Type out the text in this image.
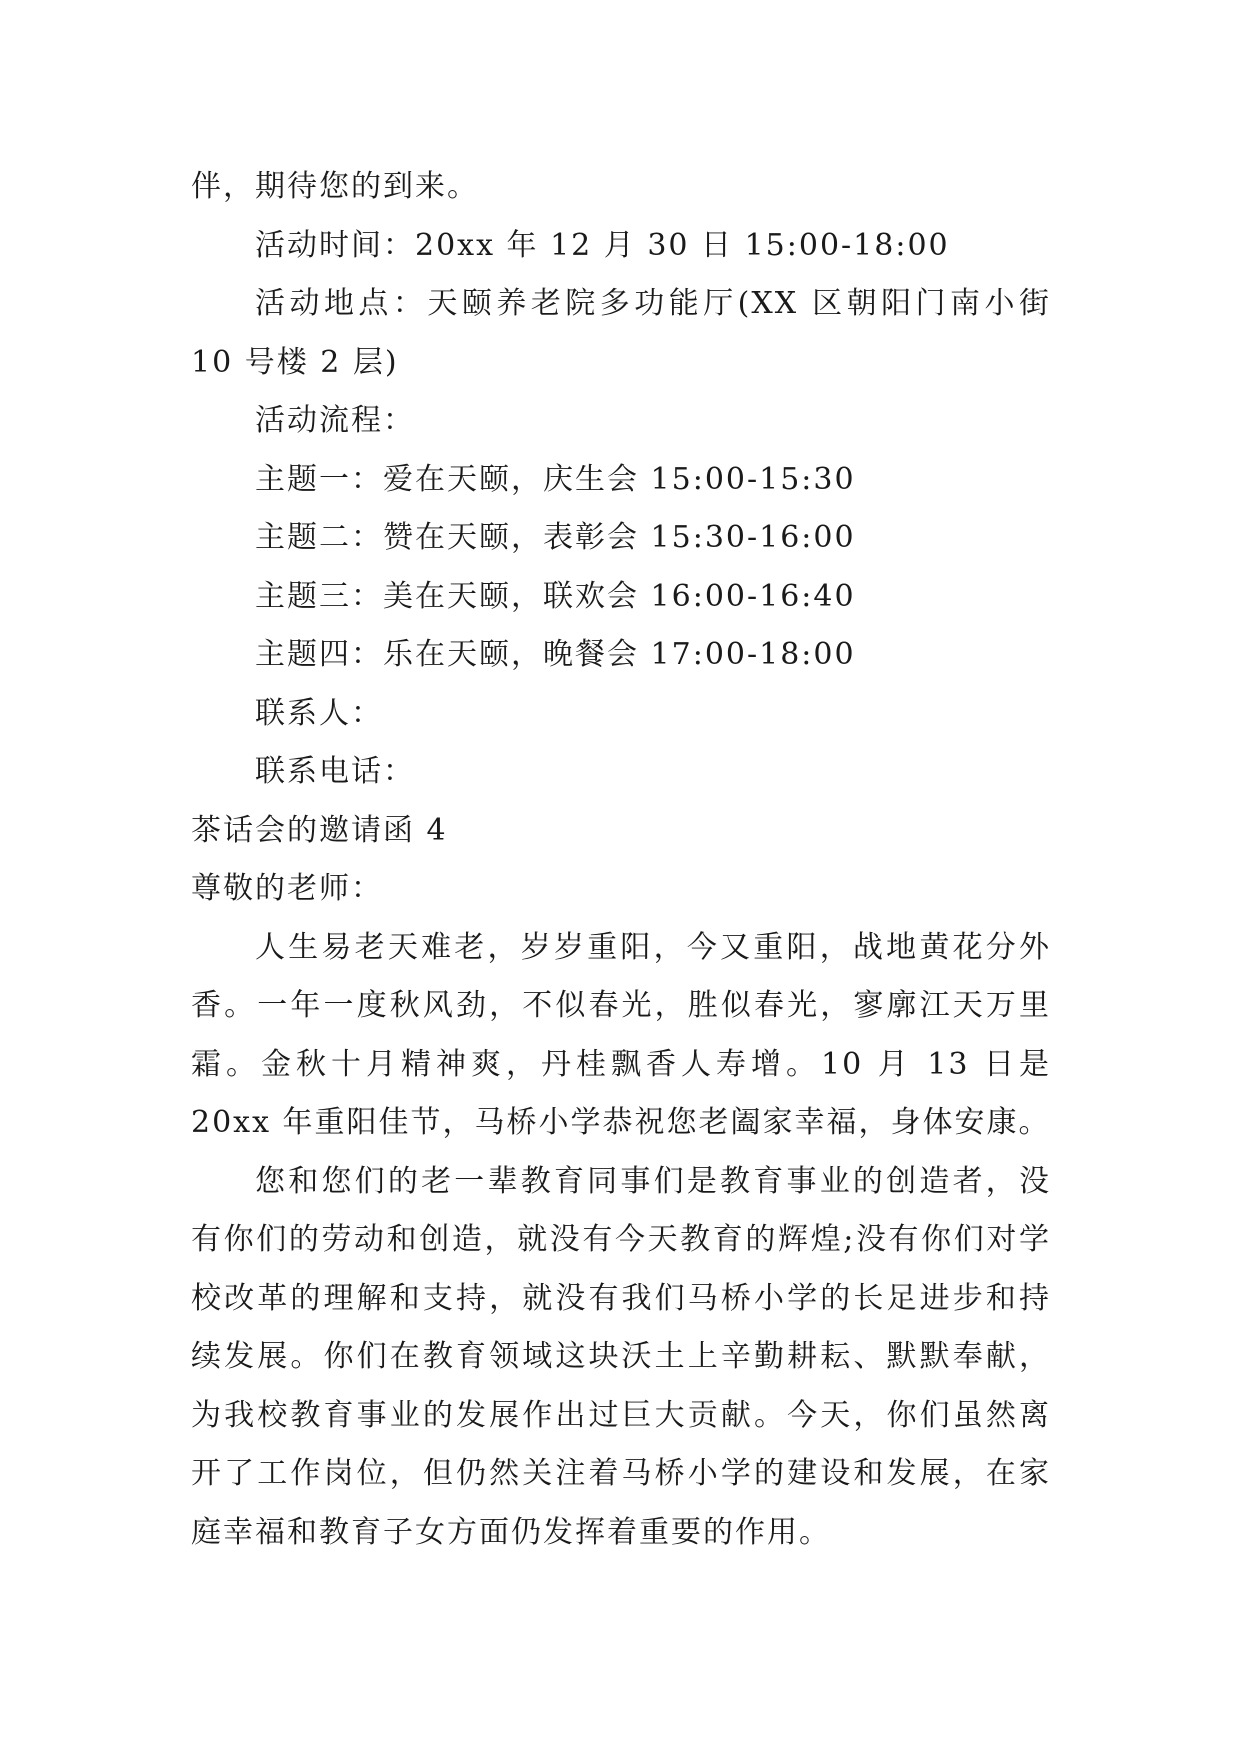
伴，期待您的到来。

活动时间：20xx 年 12 月 30 日 15:00-18:00

活动地点：天颐养老院多功能厅(XX 区朝阳门南小街 10 号楼 2 层)

活动流程：

主题一：爱在天颐，庆生会 15:00-15:30

主题二：赞在天颐，表彰会 15:30-16:00

主题三：美在天颐，联欢会 16:00-16:40

主题四：乐在天颐，晚餐会 17:00-18:00

联系人：

联系电话：

茶话会的邀请函 4

尊敬的老师：

人生易老天难老，岁岁重阳，今又重阳，战地黄花分外香。一年一度秋风劲，不似春光，胜似春光，寥廓江天万里霜。金秋十月精神爽，丹桂飘香人寿增。10 月 13 日是 20xx 年重阳佳节，马桥小学恭祝您老阖家幸福，身体安康。

您和您们的老一辈教育同事们是教育事业的创造者，没有你们的劳动和创造，就没有今天教育的辉煌;没有你们对学校改革的理解和支持，就没有我们马桥小学的长足进步和持续发展。你们在教育领域这块沃土上辛勤耕耘、默默奉献，为我校教育事业的发展作出过巨大贡献。今天，你们虽然离开了工作岗位，但仍然关注着马桥小学的建设和发展，在家庭幸福和教育子女方面仍发挥着重要的作用。
